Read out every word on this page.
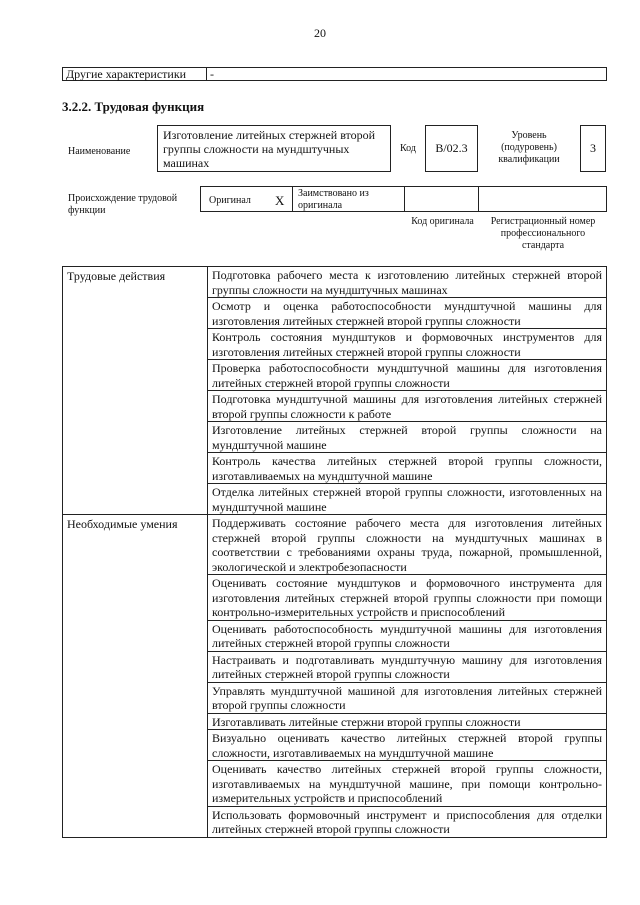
20
Другие характеристики	-
3.2.2. Трудовая функция
Наименование
Изготовление литейных стержней второй группы сложности на мундштучных машинах
Код	B/02.3
Уровень (подуровень) квалификации
3
Происхождение трудовой функции
Оригинал X	Заимствовано из оригинала
Код оригинала	Регистрационный номер профессионального стандарта
Трудовые действия	Подготовка рабочего места к изготовлению литейных стержней второй группы сложности на мундштучных машинах
	Осмотр и оценка работоспособности мундштучной машины для изготовления литейных стержней второй группы сложности
	Контроль состояния мундштуков и формовочных инструментов для изготовления литейных стержней второй группы сложности
	Проверка работоспособности мундштучной машины для изготовления литейных стержней второй группы сложности
	Подготовка мундштучной машины для изготовления литейных стержней второй группы сложности к работе
	Изготовление литейных стержней второй группы сложности на мундштучной машине
	Контроль качества литейных стержней второй группы сложности, изготавливаемых на мундштучной машине
	Отделка литейных стержней второй группы сложности, изготовленных на мундштучной машине
Необходимые умения	Поддерживать состояние рабочего места для изготовления литейных стержней второй группы сложности на мундштучных машинах в соответствии с требованиями охраны труда, пожарной, промышленной, экологической и электробезопасности
	Оценивать состояние мундштуков и формовочного инструмента для изготовления литейных стержней второй группы сложности при помощи контрольно-измерительных устройств и приспособлений
	Оценивать работоспособность мундштучной машины для изготовления литейных стержней второй группы сложности
	Настраивать и подготавливать мундштучную машину для изготовления литейных стержней второй группы сложности
	Управлять мундштучной машиной для изготовления литейных стержней второй группы сложности
	Изготавливать литейные стержни второй группы сложности
	Визуально оценивать качество литейных стержней второй группы сложности, изготавливаемых на мундштучной машине
	Оценивать качество литейных стержней второй группы сложности, изготавливаемых на мундштучной машине, при помощи контрольно-измерительных устройств и приспособлений
	Использовать формовочный инструмент и приспособления для отделки литейных стержней второй группы сложности
